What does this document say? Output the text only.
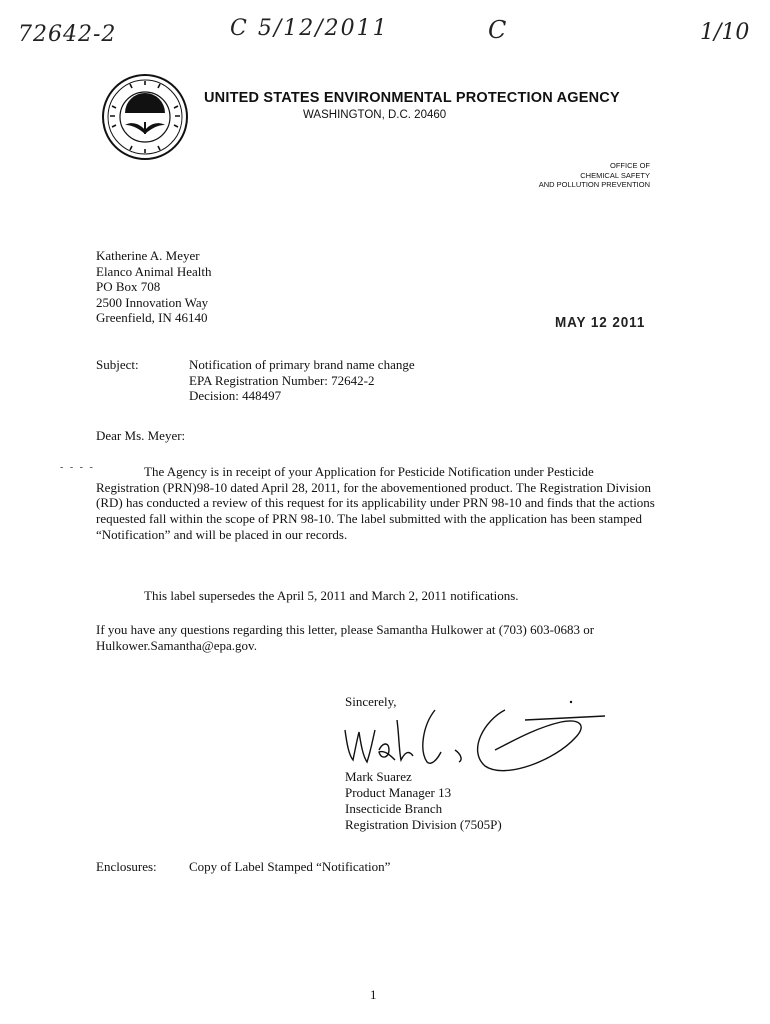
72642-2	C 5/12/2011	C	1/10
UNITED STATES ENVIRONMENTAL PROTECTION AGENCY
WASHINGTON, D.C. 20460
OFFICE OF
CHEMICAL SAFETY
AND POLLUTION PREVENTION
Katherine A. Meyer
Elanco Animal Health
PO Box 708
2500 Innovation Way
Greenfield, IN 46140	MAY 12 2011
Subject:	Notification of primary brand name change
EPA Registration Number: 72642-2
Decision: 448497
Dear Ms. Meyer:
- - - -	The Agency is in receipt of your Application for Pesticide Notification under Pesticide Registration (PRN)98-10 dated April 28, 2011, for the abovementioned product. The Registration Division (RD) has conducted a review of this request for its applicability under PRN 98-10 and finds that the actions requested fall within the scope of PRN 98-10. The label submitted with the application has been stamped “Notification” and will be placed in our records.
This label supersedes the April 5, 2011 and March 2, 2011 notifications.
If you have any questions regarding this letter, please Samantha Hulkower at (703) 603-0683 or Hulkower.Samantha@epa.gov.
Sincerely,
Mark Suarez
Product Manager 13
Insecticide Branch
Registration Division (7505P)
Enclosures: Copy of Label Stamped “Notification”
1
